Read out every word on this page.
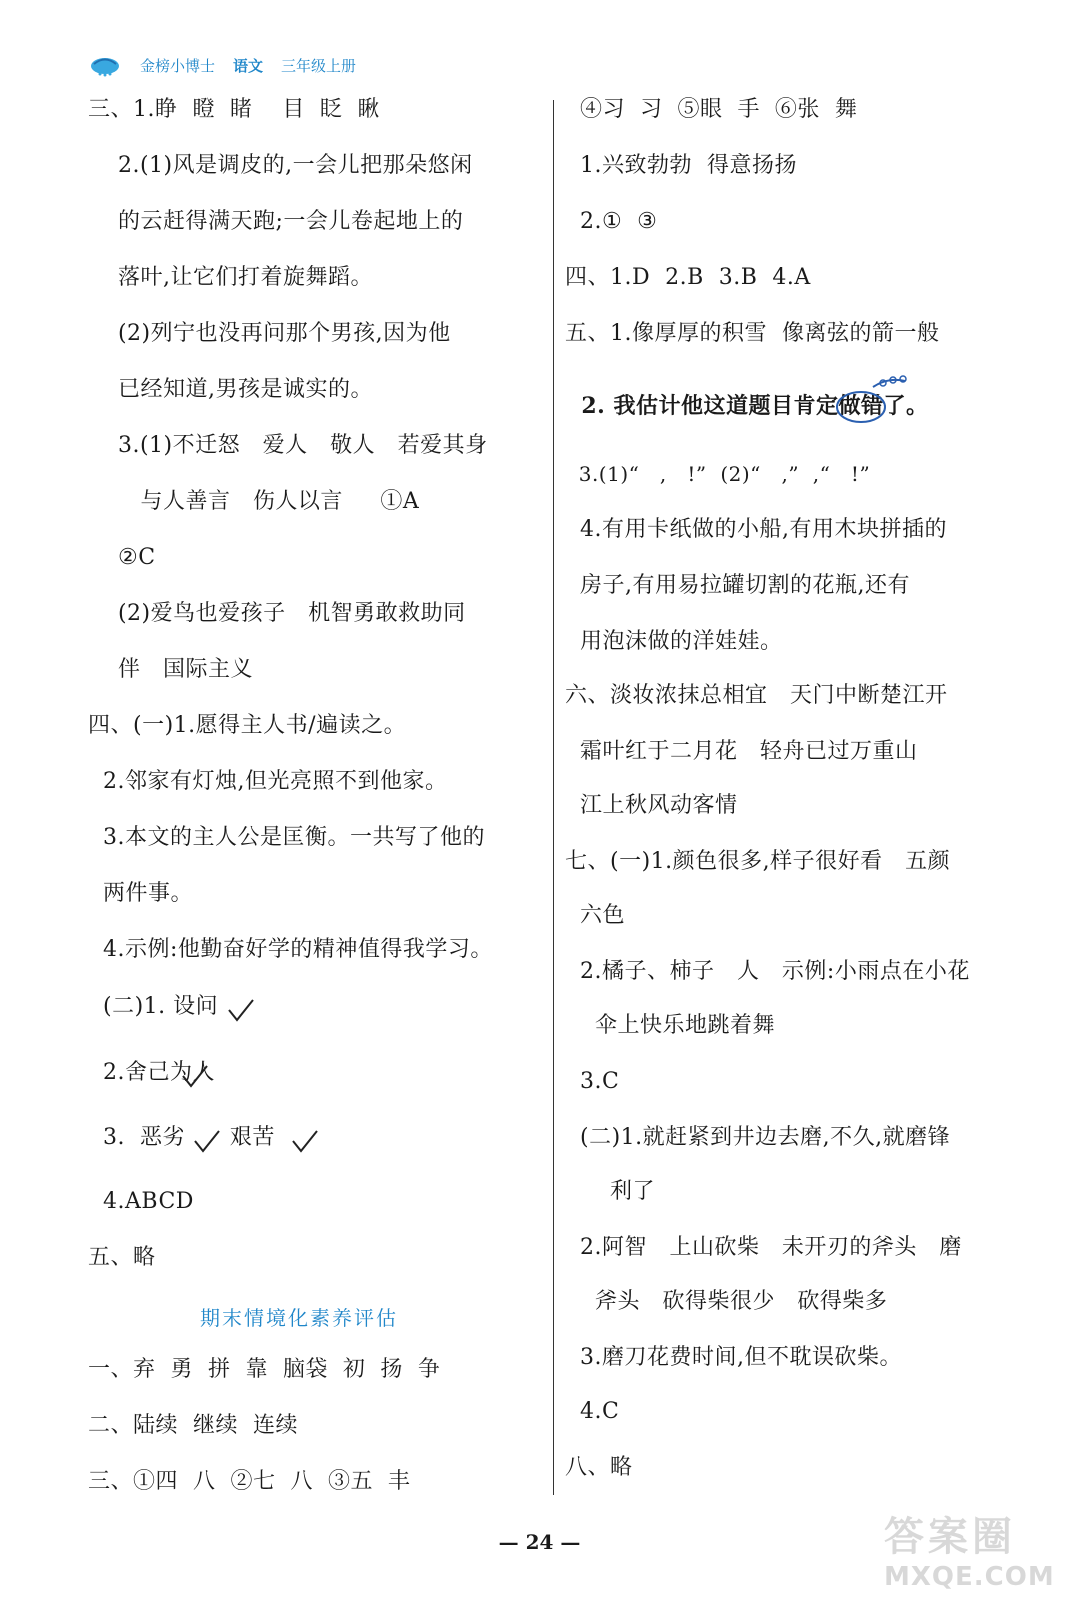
金榜小博士 语文 三年级上册
三、1.睁  瞪  睹    目  眨  瞅
2.(1)风是调皮的,一会儿把那朵悠闲
的云赶得满天跑;一会儿卷起地上的
落叶,让它们打着旋舞蹈。
(2)列宁也没再问那个男孩,因为他
已经知道,男孩是诚实的。
3.(1)不迁怒   爱人   敬人   若爱其身
与人善言   伤人以言     ①A
②C
(2)爱鸟也爱孩子   机智勇敢救助同
伴   国际主义
四、(一)1.愿得主人书/遍读之。
2.邻家有灯烛,但光亮照不到他家。
3.本文的主人公是匡衡。一共写了他的
两件事。
4.示例:他勤奋好学的精神值得我学习。
(二)1. 设问
2.舍己为人
3.  恶劣      艰苦
4.ABCD
五、略
期末情境化素养评估
一、弃  勇  拼  靠  脑袋  初  扬  争
二、陆续  继续  连续
三、①四  八  ②七  八  ③五  丰
④习  习  ⑤眼  手  ⑥张  舞
1.兴致勃勃  得意扬扬
2.①  ③
四、1.D  2.B  3.B  4.A
五、1.像厚厚的积雪  像离弦的箭一般
2. 我估计他这道题目肯定做错了。
3.(1)“   ,   !”  (2)“   ,”  ,“   !”
4.有用卡纸做的小船,有用木块拼插的
房子,有用易拉罐切割的花瓶,还有
用泡沫做的洋娃娃。
六、淡妆浓抹总相宜   天门中断楚江开
霜叶红于二月花   轻舟已过万重山
江上秋风动客情
七、(一)1.颜色很多,样子很好看   五颜
六色
2.橘子、柿子   人   示例:小雨点在小花
伞上快乐地跳着舞
3.C
(二)1.就赶紧到井边去磨,不久,就磨锋
利了
2.阿智   上山砍柴   未开刃的斧头   磨
斧头   砍得柴很少   砍得柴多
3.磨刀花费时间,但不耽误砍柴。
4.C
八、略
— 24 —	答案圈
MXQE.COM
